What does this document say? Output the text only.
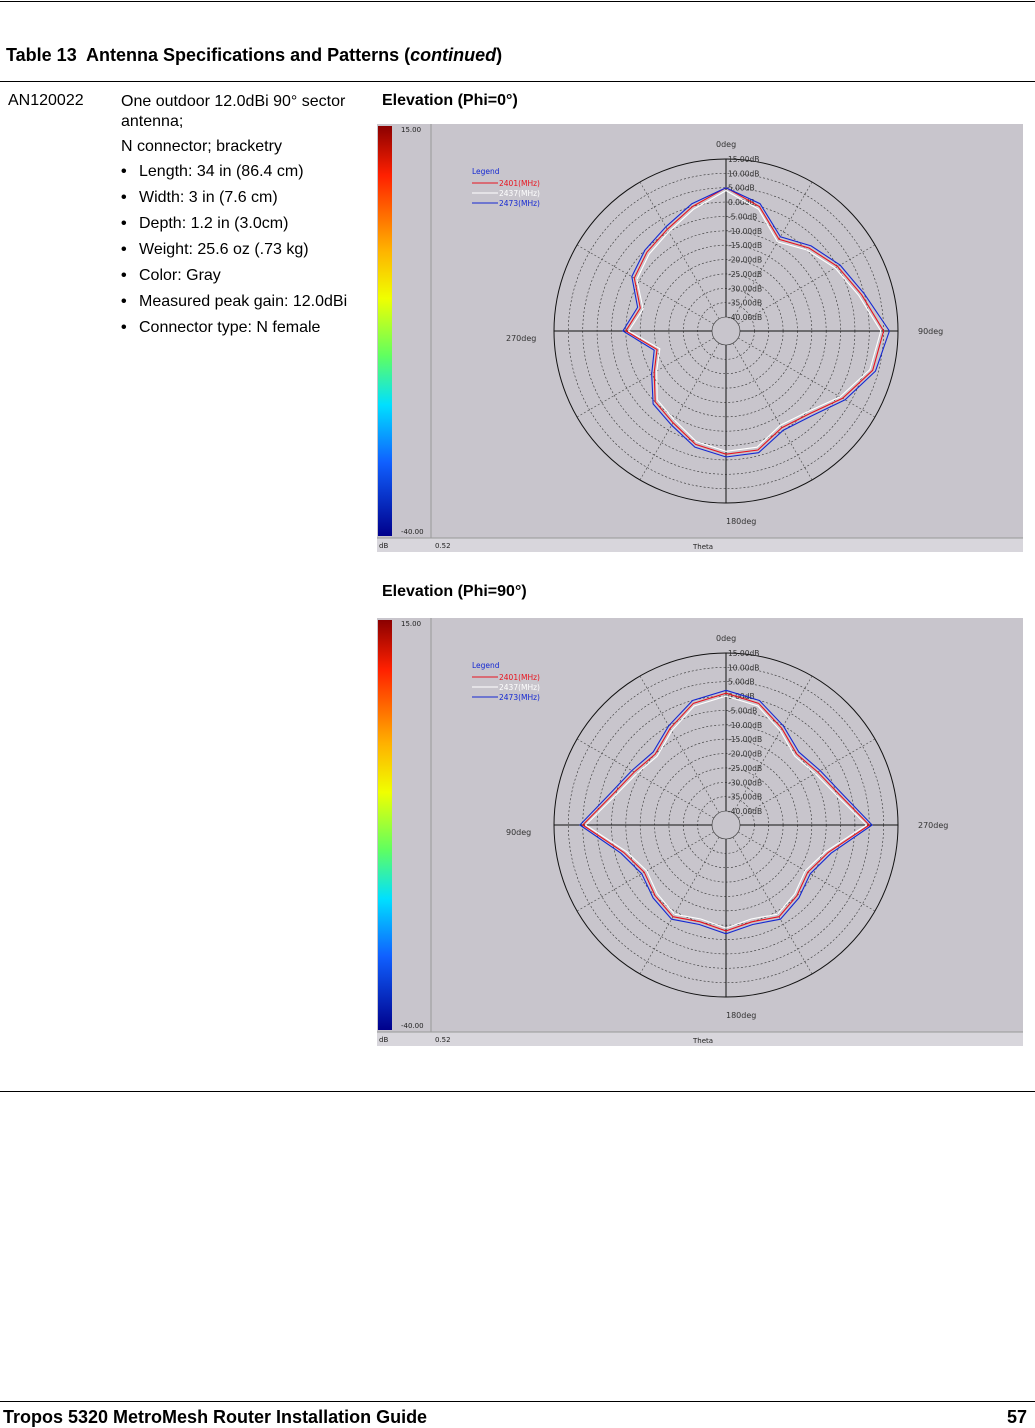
Table 13 Antenna Specifications and Patterns (continued)
AN120022 One outdoor 12.0dBi 90° sector antenna;

N connector; bracketry

• Length: 34 in (86.4 cm)
• Width: 3 in (7.6 cm)
• Depth: 1.2 in (3.0cm)
• Weight: 25.6 oz (.73 kg)
• Color: Gray
• Measured peak gain: 12.0dBi
• Connector type: N female
Elevation (Phi=0°)
15.00
-40.00
dB	0.52	Theta
15.00dB
10.00dB
5.00dB
0.00dB
-5.00dB
-10.00dB
-15.00dB
-20.00dB
-25.00dB
-30.00dB
-35.00dB
-40.00dB
0deg
90deg
180deg
270deg
Legend
2401(MHz)
2437(MHz)
2473(MHz)
Elevation (Phi=90°)
15.00
-40.00
dB	0.52	Theta
15.00dB
10.00dB
5.00dB
0.00dB
-5.00dB
-10.00dB
-15.00dB
-20.00dB
-25.00dB
-30.00dB
-35.00dB
-40.00dB
0deg
270deg
180deg
90deg
Legend
2401(MHz)
2437(MHz)
2473(MHz)
Tropos 5320 MetroMesh Router Installation Guide	57
